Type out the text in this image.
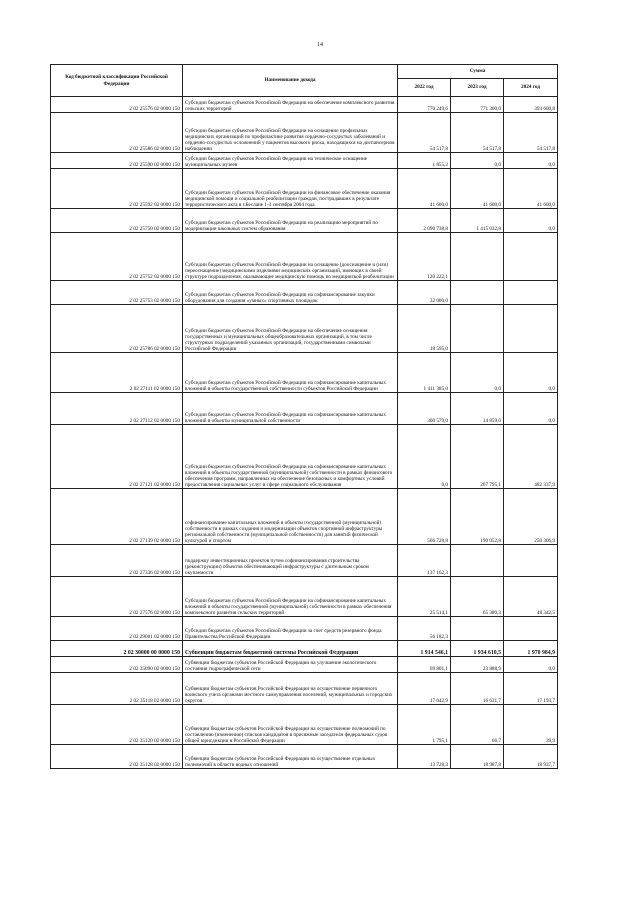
14
Код бюджетной классификации Российской Федерации	Наименование дохода	Сумма		
		2022 год	2023 год	2024 год
2 02 25576 02 0000 150	Субсидии бюджетам субъектов Российской Федерации на обеспечение комплексного развития сельских территорий	770 249,6	771 300,0	393 600,8
2 02 25586 02 0000 150	Субсидии бюджетам субъектов Российской Федерации на оснащение профильных медицинских организаций по профилактике развития сердечно-сосудистых заболеваний и сердечно-сосудистых осложнений у пациентов высокого риска, находящихся на диспансерном наблюдении	54 517,8	54 517,8	54 517,8
2 02 25590 02 0000 150	Субсидии бюджетам субъектов Российской Федерации на техническое оснащение муниципальных музеев	1 855,2	0,0	0,0
2 02 25592 02 0000 150	Субсидии бюджетам субъектов Российской Федерации на финансовое обеспечение оказания медицинской помощи и социальной реабилитации граждан, пострадавших в результате террористического акта в г.Беслане 1-3 сентября 2004 года	41 600,0	41 600,0	41 600,0
2 02 25750 02 0000 150	Субсидии бюджетам субъектов Российской Федерации на реализацию мероприятий по модернизации школьных систем образования	2 090 738,8	1 415 032,8	0,0
2 02 25752 02 0000 150	Субсидии бюджетам субъектов Российской Федерации на оснащение (дооснащение и (или) переоснащение) медицинскими изделиями медицинских организаций, имеющих в своей структуре подразделения, оказывающие медицинскую помощь по медицинской реабилитации	120 222,1		
2 02 25753 02 0000 150	Субсидии бюджетам субъектов Российской Федерации на софинансирование закупки оборудования для создания «умных» спортивных площадок	32 000,0		
2 02 25786 02 0000 150	Субсидии бюджетам субъектов Российской Федерации на обеспечение оснащения государственных и муниципальных общеобразовательных организаций, в том числе структурных подразделений указанных организаций, государственными символами Российской Федерации	18 595,0		
2 02 27111 02 0000 150	Субсидии бюджетам субъектов Российской Федерации на софинансирование капитальных вложений в объекты государственной собственности субъектов Российской Федерации	1 411 385,0	0,0	0,0
2 02 27112 02 0000 150	Субсидии бюджетам субъектов Российской Федерации на софинансирование капитальных вложений в объекты муниципальной собственности	300 579,0	14 859,0	0,0
2 02 27121 02 0000 150	Субсидии бюджетам субъектов Российской Федерации на софинансирование капитальных вложений в объекты государственной (муниципальной) собственности в рамках финансового обеспечения программ, направленных на обеспечение безопасных и комфортных условий предоставления социальных услуг в сфере социального обслуживания	0,0	267 795,1	482 337,9
2 02 27139 02 0000 150	софинансирование капитальных вложений в объекты государственной (муниципальной) собственности в рамках создания и модернизации объектов спортивной инфраструктуры региональной собственности (муниципальной собственности) для занятий физической культурой и спортом	566 728,8	190 052,8	250 306,9
2 02 27336 02 0000 150	поддержку инвестиционных проектов путем софинансирования строительства (реконструкции) объектов обеспечивающей инфраструктуры с длительным сроком окупаемости	137 162,3		
2 02 27576 02 0000 150	Субсидии бюджетам субъектов Российской Федерации на софинансирование капитальных вложений в объекты государственной (муниципальной) собственности в рамках обеспечения комплексного развития сельских территорий	25 514,1	65 380,3	48 342,5
2 02 29001 02 0000 150	Субсидии бюджетам субъектов Российской Федерации за счет средств резервного фонда Правительства Российской Федерации	56 182,3		
2 02 30000 00 0000 150	Субвенции бюджетам бюджетной системы Российской Федерации	1 914 546,1	1 934 610,5	1 970 984,9
2 02 35090 02 0000 150	Субвенции бюджетам субъектов Российской Федерации на улучшение экологического состояния гидрографической сети	69 801,1	23 888,9	0,0
2 02 35118 02 0000 150	Субвенции бюджетам субъектов Российской Федерации на осуществление первичного воинского учета органами местного самоуправления поселений, муниципальных и городских округов	17 042,9	16 631,7	17 193,7
2 02 35120 02 0000 150	Субвенции бюджетам субъектов Российской Федерации на осуществление полномочий по составлению (изменению) списков кандидатов в присяжные заседатели федеральных судов общей юрисдикции в Российской Федерации	1 795,1	66,7	39,9
2 02 35128 02 0000 150	Субвенции бюджетам субъектов Российской Федерации на осуществление отдельных полномочий в области водных отношений	13 728,3	18 987,8	18 937,7
